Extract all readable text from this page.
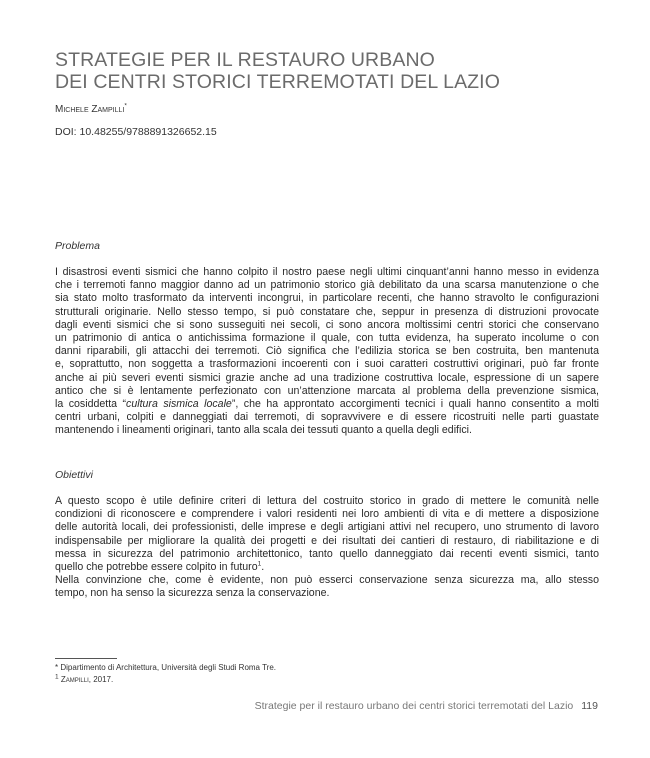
STRATEGIE PER IL RESTAURO URBANO
DEI CENTRI STORICI TERREMOTATI DEL LAZIO
Michele Zampilli*
DOI: 10.48255/9788891326652.15
Problema
I disastrosi eventi sismici che hanno colpito il nostro paese negli ultimi cinquant’anni hanno messo in evidenza
che i terremoti fanno maggior danno ad un patrimonio storico già debilitato da una scarsa manutenzione o che
sia stato molto trasformato da interventi incongrui, in particolare recenti, che hanno stravolto le configurazioni
strutturali originarie. Nello stesso tempo, si può constatare che, seppur in presenza di distruzioni provocate
dagli eventi sismici che si sono susseguiti nei secoli, ci sono ancora moltissimi centri storici che conservano
un patrimonio di antica o antichissima formazione il quale, con tutta evidenza, ha superato incolume o con
danni riparabili, gli attacchi dei terremoti. Ciò significa che l’edilizia storica se ben costruita, ben mantenuta
e, soprattutto, non soggetta a trasformazioni incoerenti con i suoi caratteri costruttivi originari, può far fronte
anche ai più severi eventi sismici grazie anche ad una tradizione costruttiva locale, espressione di un sapere
antico che si è lentamente perfezionato con un’attenzione marcata al problema della prevenzione sismica,
la cosiddetta “cultura sismica locale”, che ha approntato accorgimenti tecnici i quali hanno consentito a molti
centri urbani, colpiti e danneggiati dai terremoti, di sopravvivere e di essere ricostruiti nelle parti guastate
mantenendo i lineamenti originari, tanto alla scala dei tessuti quanto a quella degli edifici.
Obiettivi
A questo scopo è utile definire criteri di lettura del costruito storico in grado di mettere le comunità nelle
condizioni di riconoscere e comprendere i valori residenti nei loro ambienti di vita e di mettere a disposizione
delle autorità locali, dei professionisti, delle imprese e degli artigiani attivi nel recupero, uno strumento di lavoro
indispensabile per migliorare la qualità dei progetti e dei risultati dei cantieri di restauro, di riabilitazione e di
messa in sicurezza del patrimonio architettonico, tanto quello danneggiato dai recenti eventi sismici, tanto
quello che potrebbe essere colpito in futuro$^1$.
Nella convinzione che, come è evidente, non può esserci conservazione senza sicurezza ma, allo stesso
tempo, non ha senso la sicurezza senza la conservazione.
* Dipartimento di Architettura, Università degli Studi Roma Tre.
$^1$ Zampilli, 2017.
Strategie per il restauro urbano dei centri storici terremotati del Lazio 119
